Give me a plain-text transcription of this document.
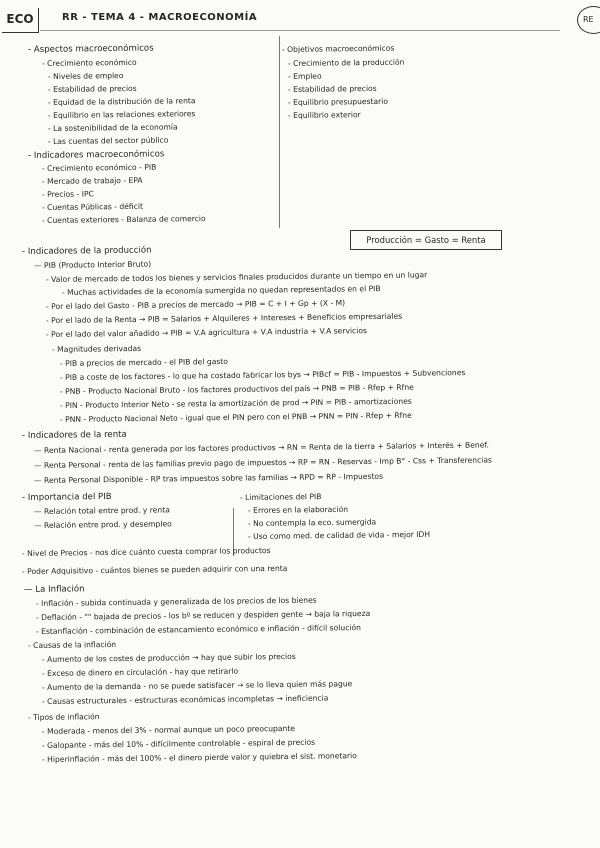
ECO	RE
RR - TEMA 4 - MACROECONOMÍA
Producción = Gasto = Renta
- Aspectos macroeconómicos
- Crecimiento económico
- Niveles de empleo
- Estabilidad de precios
- Equidad de la distribución de la renta
- Equilibrio en las relaciones exteriores
- La sostenibilidad de la economía
- Las cuentas del sector público
- Indicadores macroeconómicos
- Crecimiento económico - PIB
- Mercado de trabajo - EPA
- Precios - IPC
- Cuentas Públicas - déficit
- Cuentas exteriores - Balanza de comercio
- Objetivos macroeconómicos
- Crecimiento de la producción
- Empleo
- Estabilidad de precios
- Equilibrio presupuestario
- Equilibrio exterior
- Indicadores de la producción
— PIB (Producto Interior Bruto)
- Valor de mercado de todos los bienes y servicios finales producidos durante un tiempo en un lugar
- Muchas actividades de la economía sumergida no quedan representados en el PIB
- Por el lado del Gasto - PIB a precios de mercado → PIB = C + I + Gp + (X - M)
- Por el lado de la Renta → PIB = Salarios + Alquileres + Intereses + Beneficios empresariales
- Por el lado del valor añadido → PIB = V.A agricultura + V.A industria + V.A servicios
- Magnitudes derivadas
- PIB a precios de mercado - el PIB del gasto
- PIB a coste de los factores - lo que ha costado fabricar los bys → PIBcf = PIB - Impuestos + Subvenciones
- PNB - Producto Nacional Bruto - los factores productivos del país → PNB = PIB - Rfep + Rfne
- PIN - Producto Interior Neto - se resta la amortización de prod → PIN = PIB - amortizaciones
- PNN - Producto Nacional Neto - igual que el PIN pero con el PNB → PNN = PIN - Rfep + Rfne
- Indicadores de la renta
— Renta Nacional - renta generada por los factores productivos → RN = Renta de la tierra + Salarios + Interés + Benef.
— Renta Personal - renta de las familias previo pago de impuestos → RP = RN - Reservas - Imp B° - Css + Transferencias
— Renta Personal Disponible - RP tras impuestos sobre las familias → RPD = RP - Impuestos
- Importancia del PIB	- Limitaciones del PIB
— Relación total entre prod. y renta	- Errores en la elaboración
— Relación entre prod. y desempleo	- No contempla la eco. sumergida
- Uso como med. de calidad de vida - mejor IDH
- Nivel de Precios - nos dice cuánto cuesta comprar los productos
- Poder Adquisitivo - cuántos bienes se pueden adquirir con una renta
— La Inflación
- Inflación - subida continuada y generalizada de los precios de los bienes
- Deflación - "" bajada de precios - los bº se reducen y despiden gente → baja la riqueza
- Estanflación - combinación de estancamiento económico e inflación - difícil solución
- Causas de la inflación
- Aumento de los costes de producción → hay que subir los precios
- Exceso de dinero en circulación - hay que retirarlo
- Aumento de la demanda - no se puede satisfacer → se lo lleva quien más pague
- Causas estructurales - estructuras económicas incompletas → ineficiencia
- Tipos de inflación
- Moderada - menos del 3% - normal aunque un poco preocupante
- Galopante - más del 10% - difícilmente controlable - espiral de precios
- Hiperinflación - más del 100% - el dinero pierde valor y quiebra el sist. monetario
